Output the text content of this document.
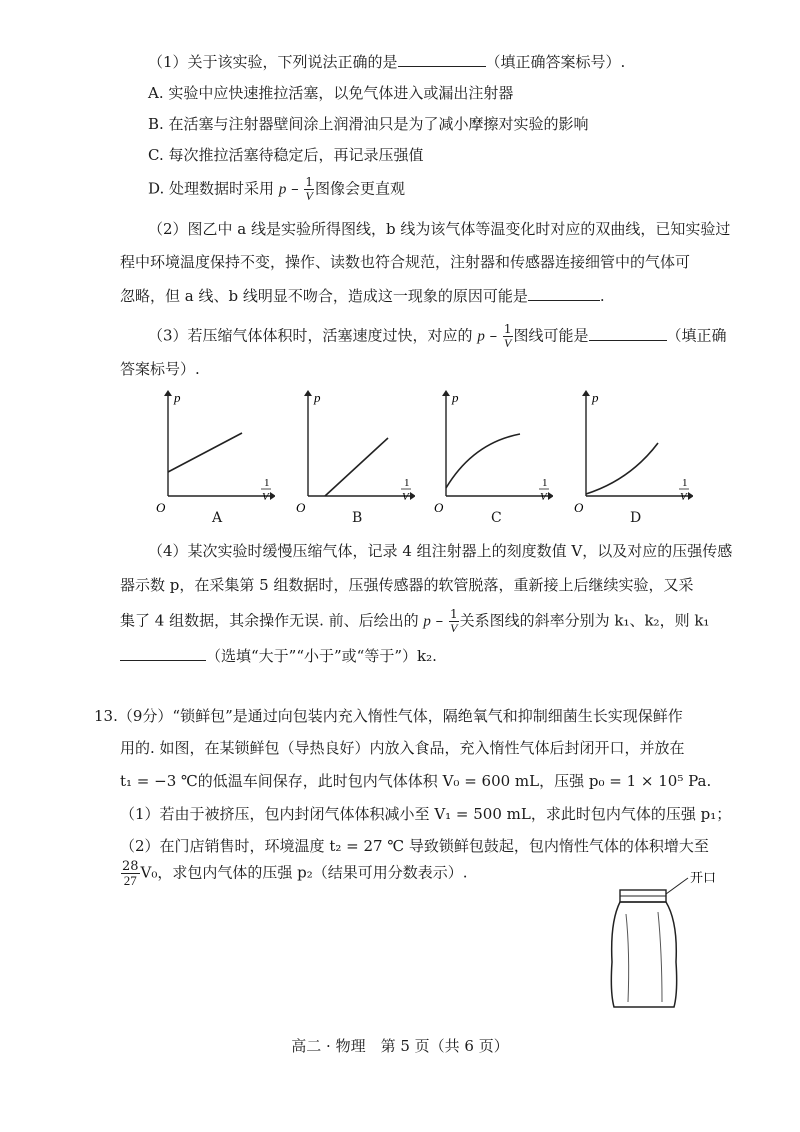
（1）关于该实验，下列说法正确的是	（填正确答案标号）.
A. 实验中应快速推拉活塞，以免气体进入或漏出注射器
B. 在活塞与注射器壁间涂上润滑油只是为了减小摩擦对实验的影响
C. 每次推拉活塞待稳定后，再记录压强值
D. 处理数据时采用 p – $\frac{1}{V}$ 图像会更直观
（2）图乙中 a 线是实验所得图线，b 线为该气体等温变化时对应的双曲线，已知实验过
程中环境温度保持不变，操作、读数也符合规范，注射器和传感器连接细管中的气体可
忽略，但 a 线、b 线明显不吻合，造成这一现象的原因可能是	.
（3）若压缩气体体积时，活塞速度过快，对应的 p – $\frac{1}{V}$ 图线可能是	（填正确
答案标号）.
p
O
1
V
p
O
1
V
p
O
1
V
p
O
1
V
A	B	C	D
（4）某次实验时缓慢压缩气体，记录 4 组注射器上的刻度数值 V，以及对应的压强传感
器示数 p，在采集第 5 组数据时，压强传感器的软管脱落，重新接上后继续实验，又采
集了 4 组数据，其余操作无误. 前、后绘出的 p – $\frac{1}{V}$ 关系图线的斜率分别为 k₁、k₂，则 k₁
（选填“大于”“小于”或“等于”）k₂.
13.（9分）“锁鲜包”是通过向包装内充入惰性气体，隔绝氧气和抑制细菌生长实现保鲜作
用的. 如图，在某锁鲜包（导热良好）内放入食品，充入惰性气体后封闭开口，并放在
t₁ = −3 ℃的低温车间保存，此时包内气体体积 V₀ = 600 mL，压强 p₀ = 1 × 10⁵ Pa.
（1）若由于被挤压，包内封闭气体体积减小至 V₁ = 500 mL，求此时包内气体的压强 p₁；
（2）在门店销售时，环境温度 t₂ = 27 ℃ 导致锁鲜包鼓起，包内惰性气体的体积增大至
$\frac{28}{27} V_0$，求包内气体的压强 p₂（结果可用分数表示）.	开口
高二 · 物理　第 5 页（共 6 页）
